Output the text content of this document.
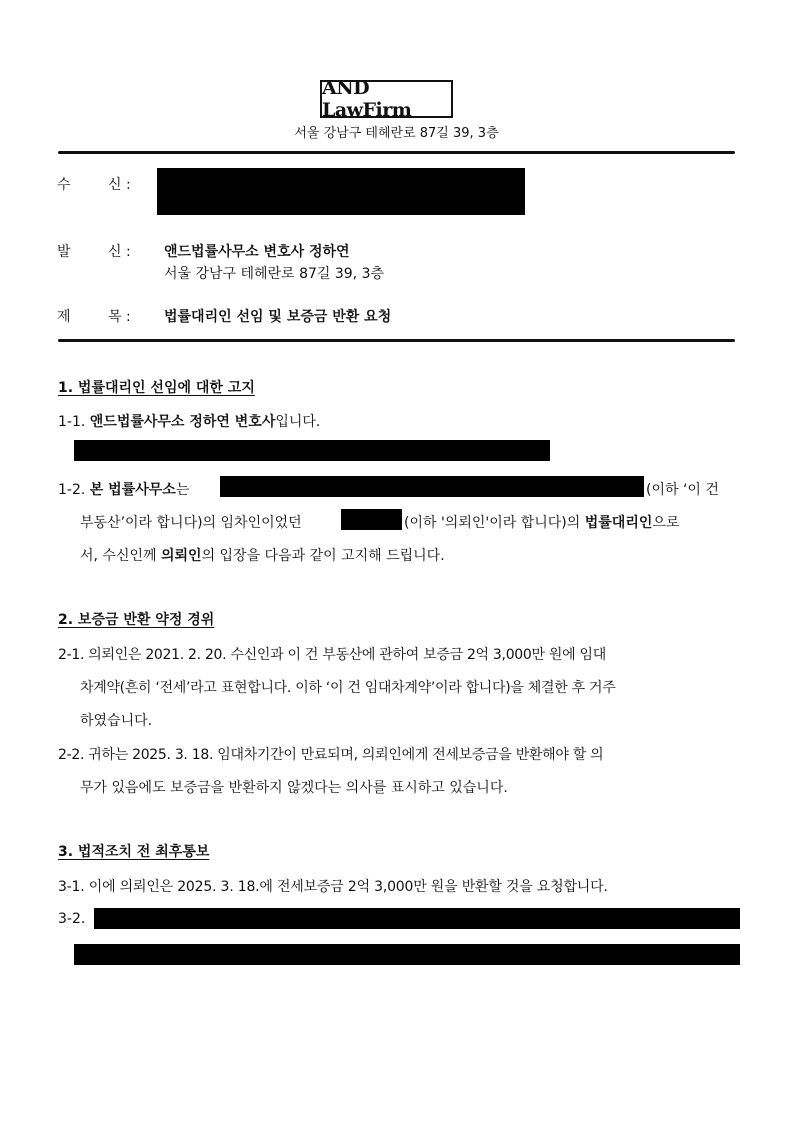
AND LawFirm
서울 강남구 테헤란로 87길 39, 3층
수	신 :
발	신 : 앤드법률사무소 변호사 정하연
서울 강남구 테헤란로 87길 39, 3층
제	목 : 법률대리인 선임 및 보증금 반환 요청
1. 법률대리인 선임에 대한 고지
1-1. 앤드법률사무소 정하연 변호사입니다.
1-2. 본 법률사무소는	(이하 ‘이 건
부동산’이라 합니다)의 임차인이었던	(이하 '의뢰인'이라 합니다)의 법률대리인으로
서, 수신인께 의뢰인의 입장을 다음과 같이 고지해 드립니다.
2. 보증금 반환 약정 경위
2-1. 의뢰인은 2021. 2. 20. 수신인과 이 건 부동산에 관하여 보증금 2억 3,000만 원에 임대
차계약(흔히 ‘전세’라고 표현합니다. 이하 ‘이 건 임대차계약’이라 합니다)을 체결한 후 거주
하였습니다.
2-2. 귀하는 2025. 3. 18. 임대차기간이 만료되며, 의뢰인에게 전세보증금을 반환해야 할 의
무가 있음에도 보증금을 반환하지 않겠다는 의사를 표시하고 있습니다.
3. 법적조치 전 최후통보
3-1. 이에 의뢰인은 2025. 3. 18.에 전세보증금 2억 3,000만 원을 반환할 것을 요청합니다.
3-2.
